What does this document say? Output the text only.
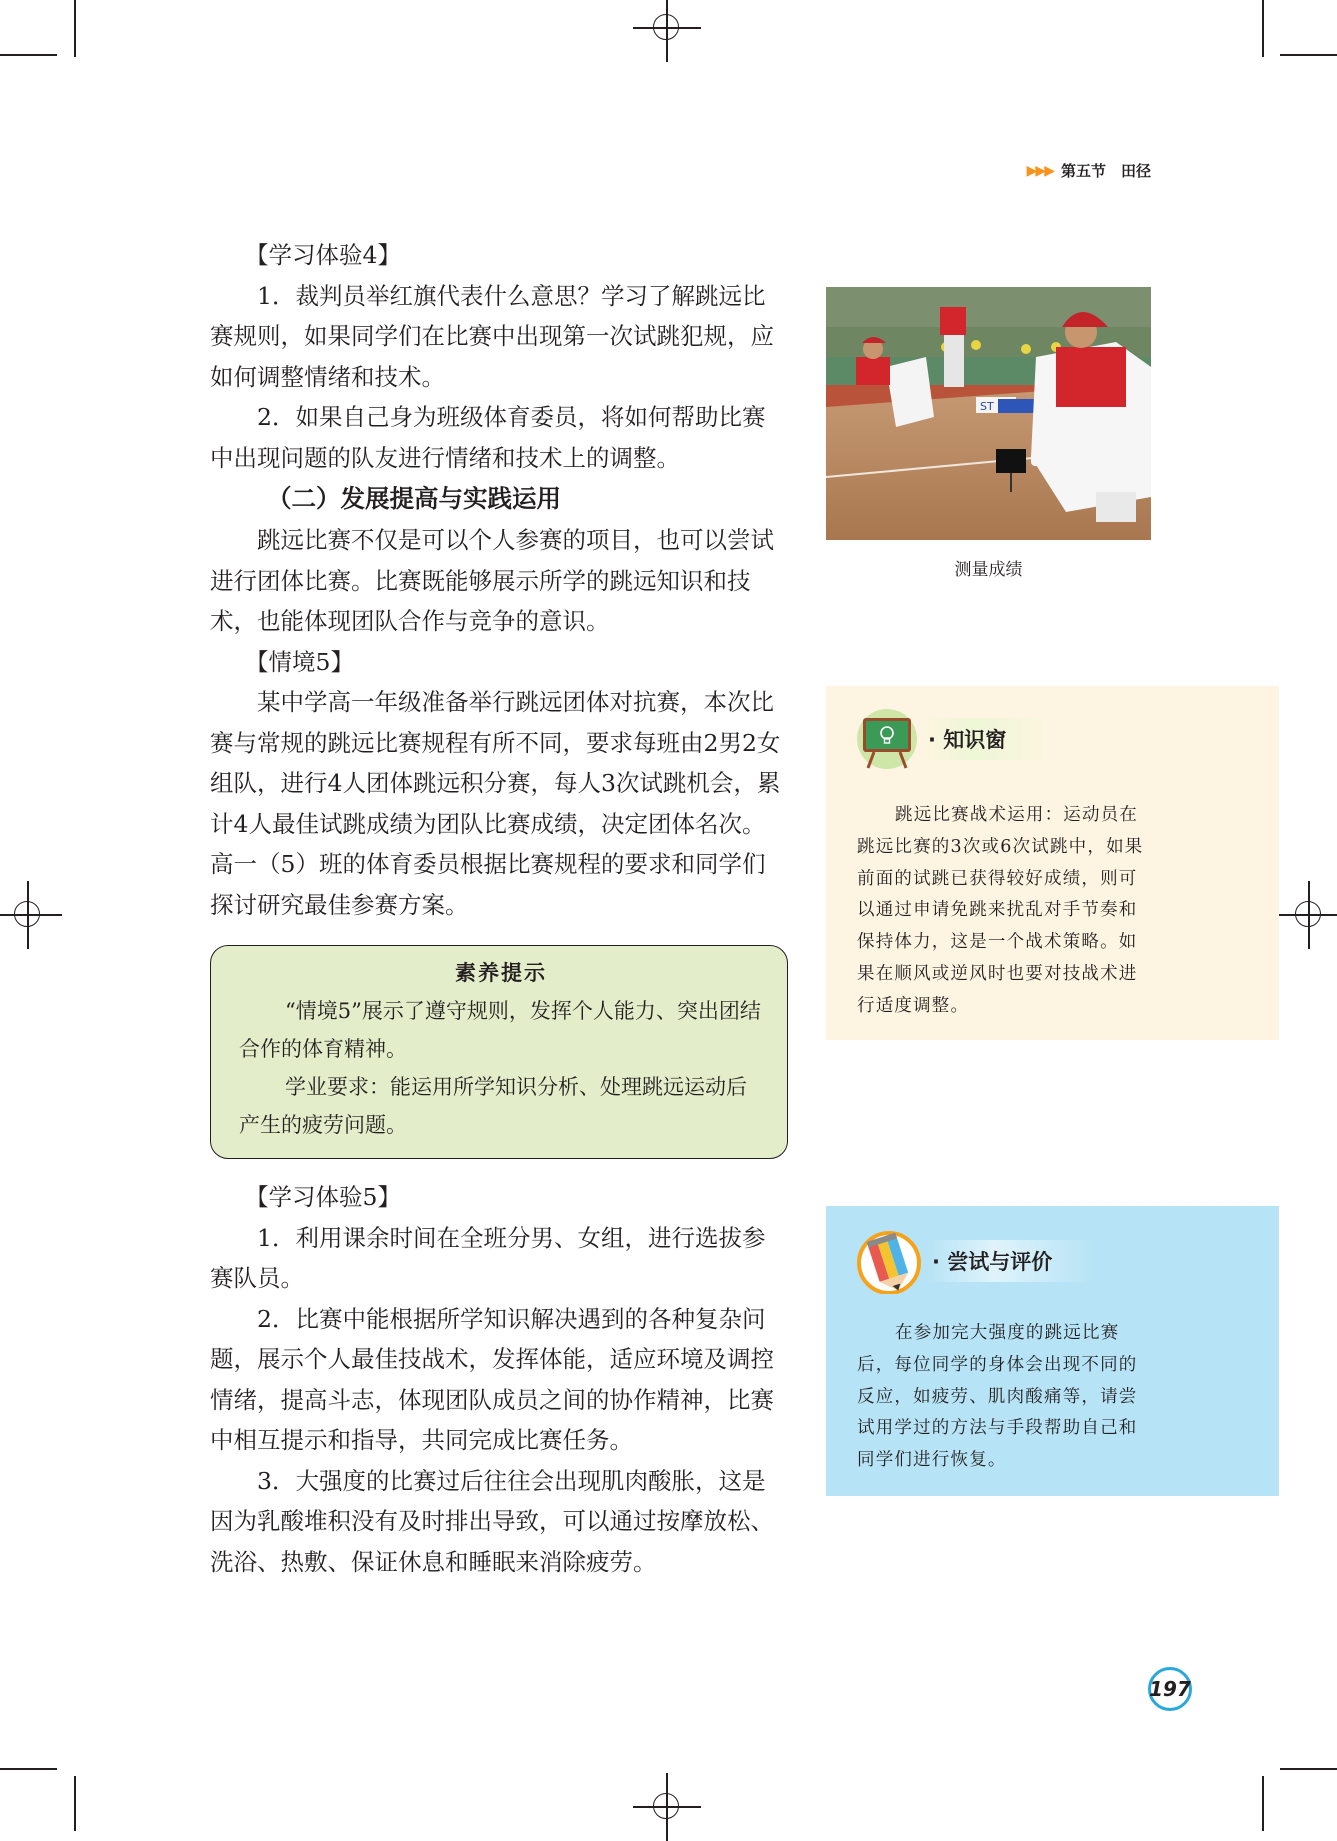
▶▶▶ 第五节　田径

【学习体验4】

1．裁判员举红旗代表什么意思？学习了解跳远比赛规则，如果同学们在比赛中出现第一次试跳犯规，应如何调整情绪和技术。

2．如果自己身为班级体育委员，将如何帮助比赛中出现问题的队友进行情绪和技术上的调整。

（二）发展提高与实践运用

跳远比赛不仅是可以个人参赛的项目，也可以尝试进行团体比赛。比赛既能够展示所学的跳远知识和技术，也能体现团队合作与竞争的意识。

【情境5】

某中学高一年级准备举行跳远团体对抗赛，本次比赛与常规的跳远比赛规程有所不同，要求每班由2男2女组队，进行4人团体跳远积分赛，每人3次试跳机会，累计4人最佳试跳成绩为团队比赛成绩，决定团体名次。高一（5）班的体育委员根据比赛规程的要求和同学们探讨研究最佳参赛方案。

素养提示

“情境5”展示了遵守规则，发挥个人能力、突出团结合作的体育精神。

学业要求：能运用所学知识分析、处理跳远运动后产生的疲劳问题。

【学习体验5】

1．利用课余时间在全班分男、女组，进行选拔参赛队员。

2．比赛中能根据所学知识解决遇到的各种复杂问题，展示个人最佳技战术，发挥体能，适应环境及调控情绪，提高斗志，体现团队成员之间的协作精神，比赛中相互提示和指导，共同完成比赛任务。

3．大强度的比赛过后往往会出现肌肉酸胀，这是因为乳酸堆积没有及时排出导致，可以通过按摩放松、洗浴、热敷、保证休息和睡眠来消除疲劳。

ST
测量成绩
· 知识窗

跳远比赛战术运用：运动员在跳远比赛的3次或6次试跳中，如果前面的试跳已获得较好成绩，则可以通过申请免跳来扰乱对手节奏和保持体力，这是一个战术策略。如果在顺风或逆风时也要对技战术进行适度调整。

· 尝试与评价

在参加完大强度的跳远比赛后，每位同学的身体会出现不同的反应，如疲劳、肌肉酸痛等，请尝试用学过的方法与手段帮助自己和同学们进行恢复。

197
